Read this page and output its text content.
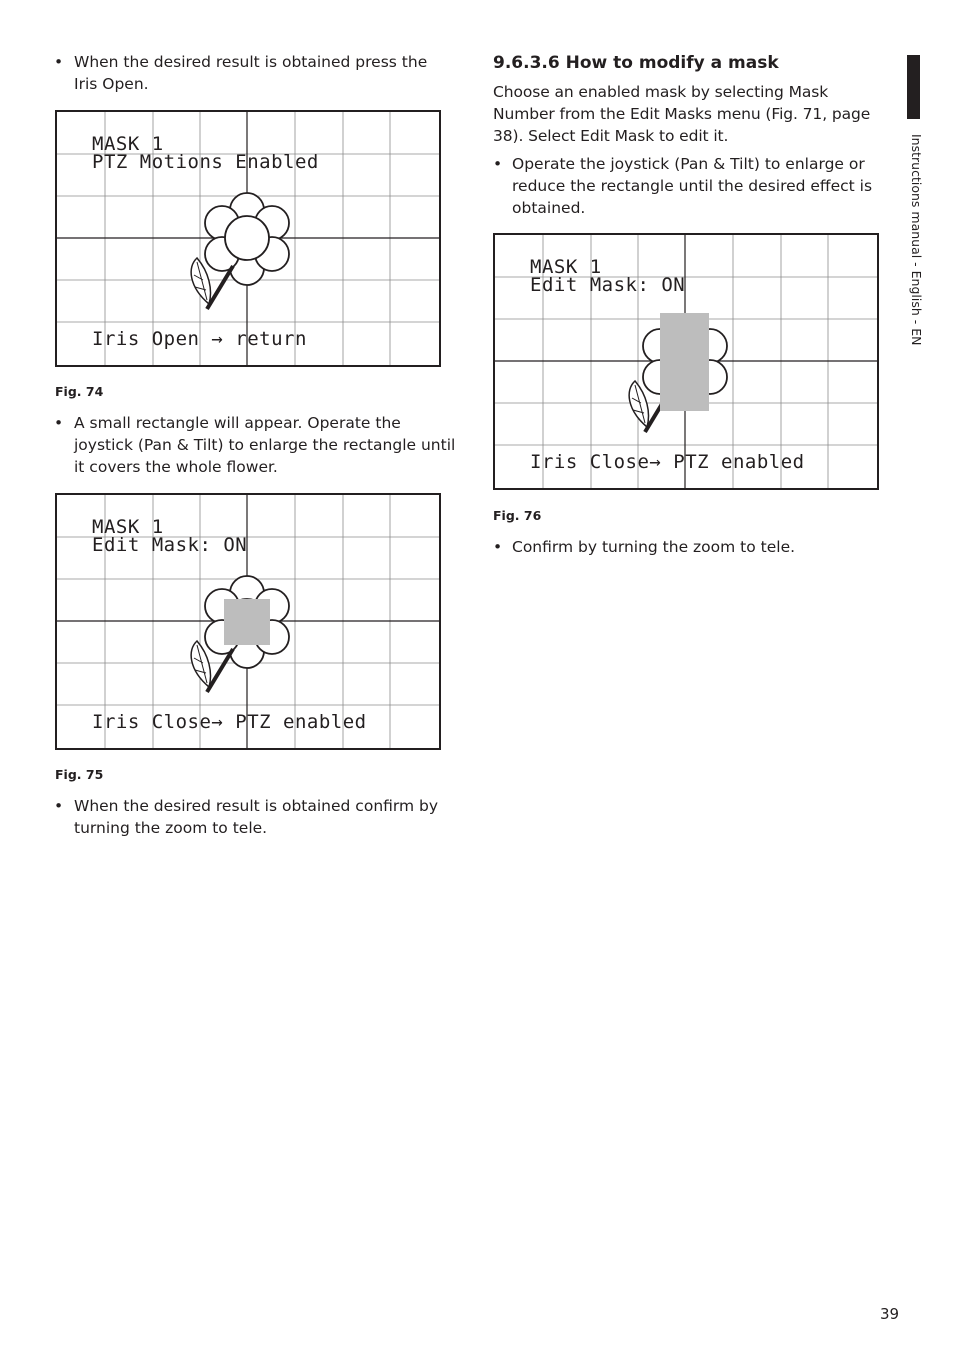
• When the desired result is obtained press the Iris Open.
MASK 1
PTZ Motions Enabled
Iris Open → return
Fig. 74
• A small rectangle will appear. Operate the joystick (Pan & Tilt) to enlarge the rectangle until it covers the whole flower.
MASK 1
Edit Mask: ON
Iris Close→ PTZ enabled
Fig. 75
• When the desired result is obtained confirm by turning the zoom to tele.
9.6.3.6 How to modify a mask
Choose an enabled mask by selecting Mask Number from the Edit Masks menu (Fig. 71, page 38). Select Edit Mask to edit it.
• Operate the joystick (Pan & Tilt) to enlarge or reduce the rectangle until the desired effect is obtained.
MASK 1
Edit Mask: ON
Iris Close→ PTZ enabled
Fig. 76
• Confirm by turning the zoom to tele.
Instructions manual - English - EN
39
